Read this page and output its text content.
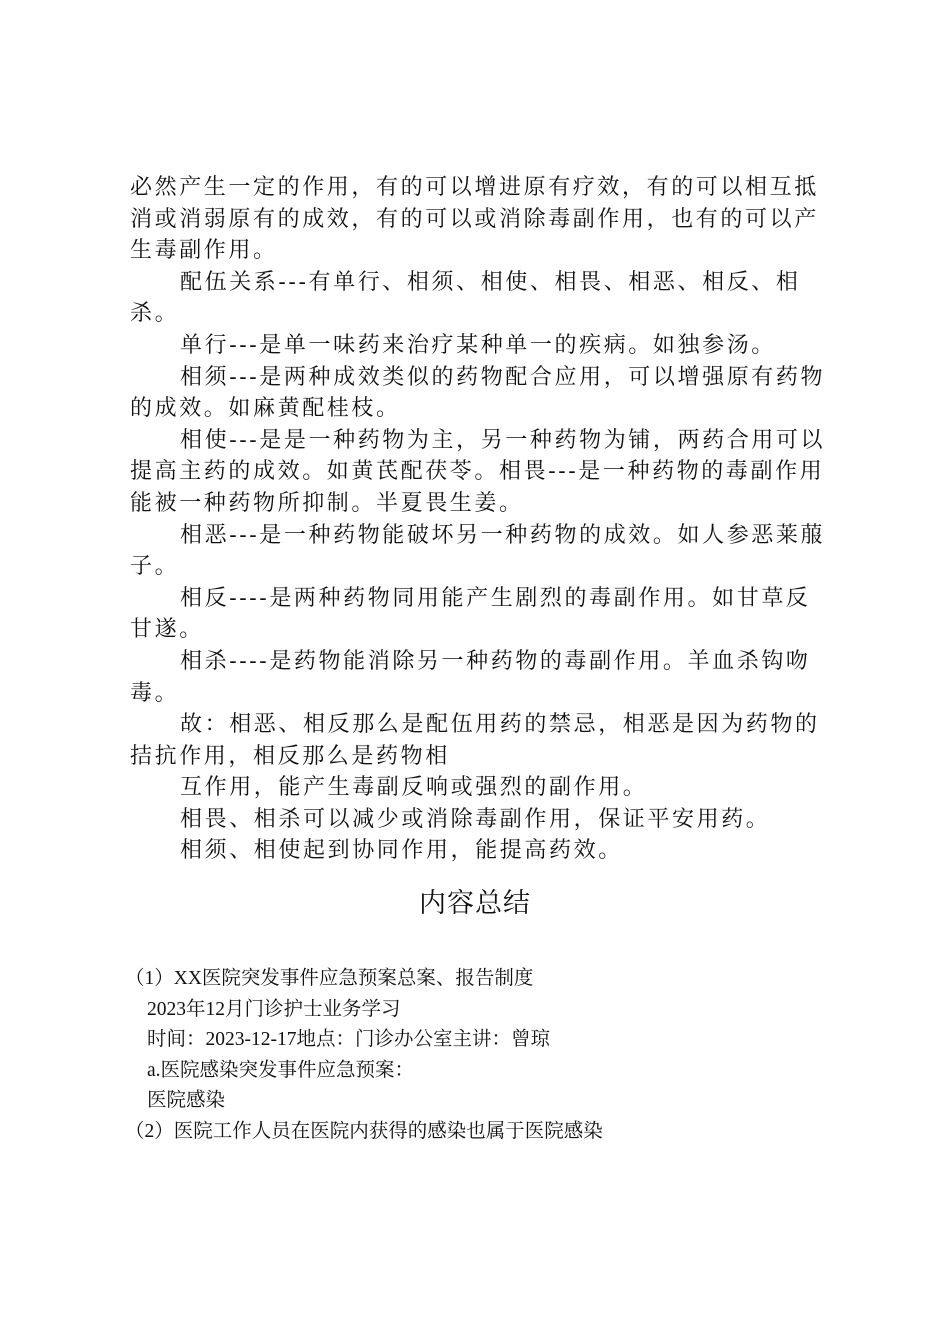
必然产生一定的作用，有的可以增进原有疗效，有的可以相互抵消或消弱原有的成效，有的可以或消除毒副作用，也有的可以产生毒副作用。

配伍关系---有单行、相须、相使、相畏、相恶、相反、相杀。

单行---是单一味药来治疗某种单一的疾病。如独参汤。

相须---是两种成效类似的药物配合应用，可以增强原有药物的成效。如麻黄配桂枝。

相使---是是一种药物为主，另一种药物为铺，两药合用可以提高主药的成效。如黄芪配茯苓。相畏---是一种药物的毒副作用能被一种药物所抑制。半夏畏生姜。

相恶---是一种药物能破坏另一种药物的成效。如人参恶莱菔子。

相反----是两种药物同用能产生剧烈的毒副作用。如甘草反甘遂。

相杀----是药物能消除另一种药物的毒副作用。羊血杀钩吻毒。

故：相恶、相反那么是配伍用药的禁忌，相恶是因为药物的拮抗作用，相反那么是药物相

互作用，能产生毒副反响或强烈的副作用。

相畏、相杀可以减少或消除毒副作用，保证平安用药。

相须、相使起到协同作用，能提高药效。

内容总结

（1）XX医院突发事件应急预案总案、报告制度

2023年12月门诊护士业务学习

时间：2023-12-17地点：门诊办公室主讲：曾琼

a.医院感染突发事件应急预案：

医院感染

（2）医院工作人员在医院内获得的感染也属于医院感染
